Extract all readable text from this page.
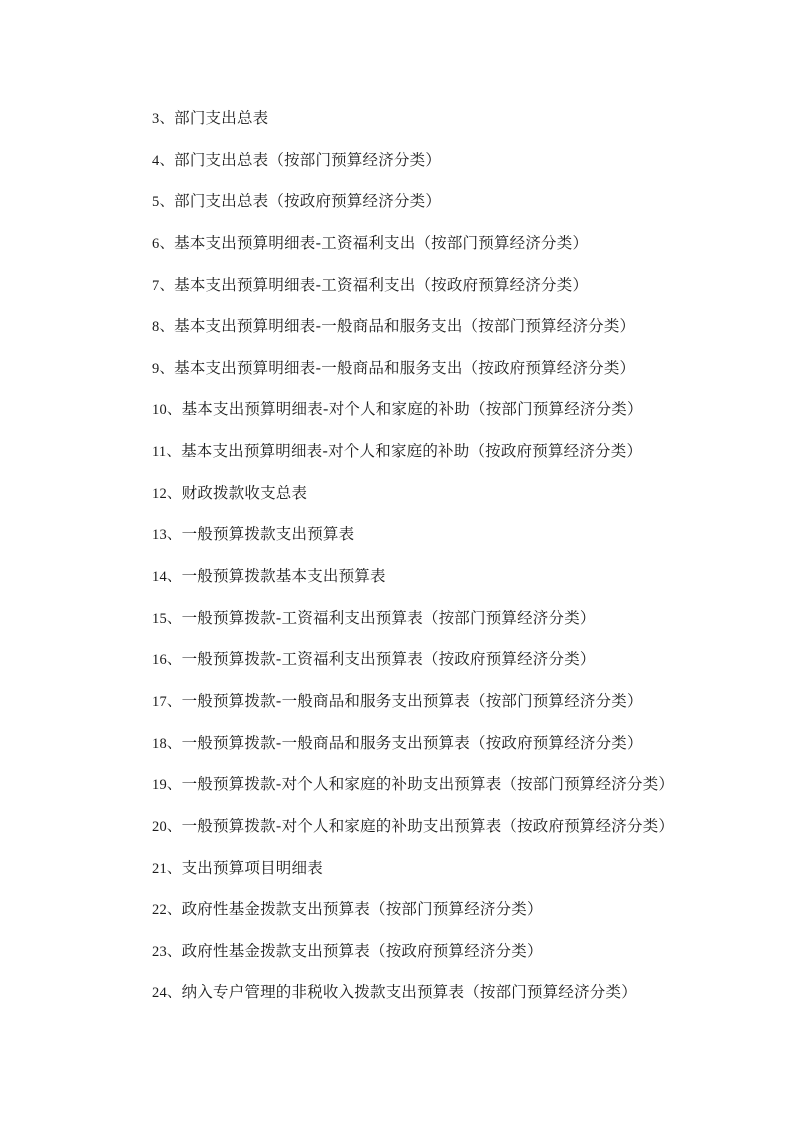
3、部门支出总表
4、部门支出总表（按部门预算经济分类）
5、部门支出总表（按政府预算经济分类）
6、基本支出预算明细表-工资福利支出（按部门预算经济分类）
7、基本支出预算明细表-工资福利支出（按政府预算经济分类）
8、基本支出预算明细表-一般商品和服务支出（按部门预算经济分类）
9、基本支出预算明细表-一般商品和服务支出（按政府预算经济分类）
10、基本支出预算明细表-对个人和家庭的补助（按部门预算经济分类）
11、基本支出预算明细表-对个人和家庭的补助（按政府预算经济分类）
12、财政拨款收支总表
13、一般预算拨款支出预算表
14、一般预算拨款基本支出预算表
15、一般预算拨款-工资福利支出预算表（按部门预算经济分类）
16、一般预算拨款-工资福利支出预算表（按政府预算经济分类）
17、一般预算拨款-一般商品和服务支出预算表（按部门预算经济分类）
18、一般预算拨款-一般商品和服务支出预算表（按政府预算经济分类）
19、一般预算拨款-对个人和家庭的补助支出预算表（按部门预算经济分类）
20、一般预算拨款-对个人和家庭的补助支出预算表（按政府预算经济分类）
21、支出预算项目明细表
22、政府性基金拨款支出预算表（按部门预算经济分类）
23、政府性基金拨款支出预算表（按政府预算经济分类）
24、纳入专户管理的非税收入拨款支出预算表（按部门预算经济分类）
